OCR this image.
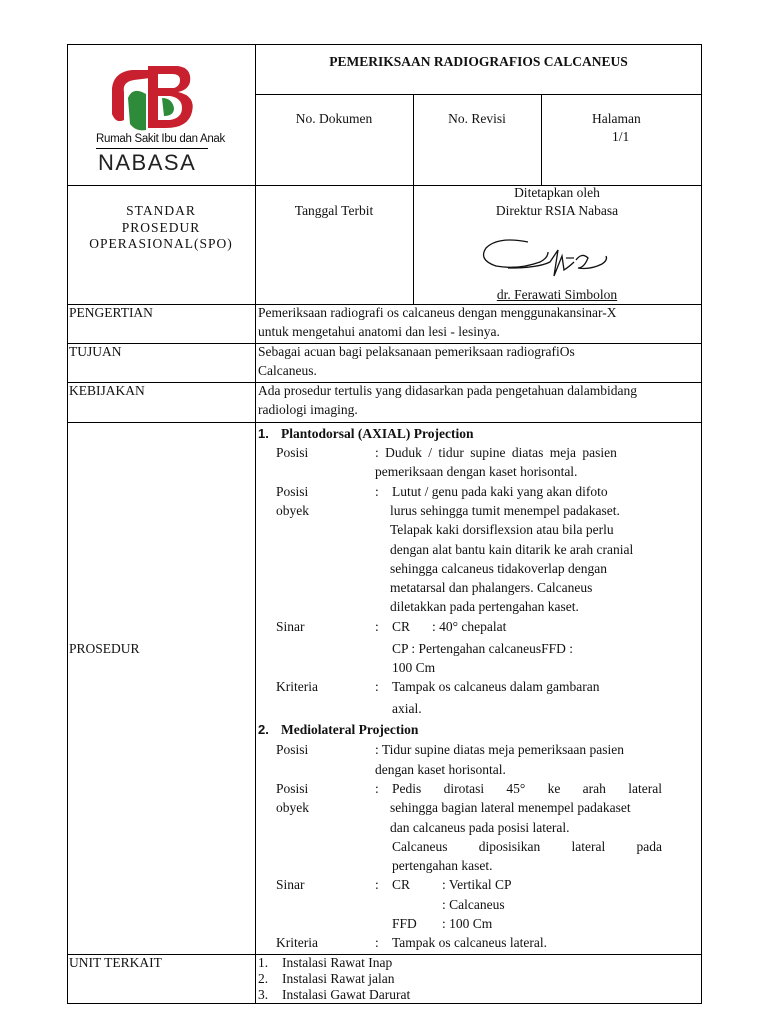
Rumah Sakit Ibu dan Anak
NABASA
PEMERIKSAAN RADIOGRAFIOS CALCANEUS
No. Dokumen	No. Revisi	Halaman
1/1
STANDAR
PROSEDUR
OPERASIONAL(SPO)
Tanggal Terbit
Ditetapkan oleh
Direktur RSIA Nabasa
dr. Ferawati Simbolon
PENGERTIAN	Pemeriksaan radiografi os calcaneus dengan menggunakansinar-X
untuk mengetahui anatomi dan lesi - lesinya.
TUJUAN	Sebagai acuan bagi pelaksanaan pemeriksaan radiografiOs
Calcaneus.
KEBIJAKAN	Ada prosedur tertulis yang didasarkan pada pengetahuan dalambidang
radiologi imaging.
PROSEDUR
1. Plantodorsal (AXIAL) Projection
Posisi	: Duduk / tidur supine diatas meja pasien
pemeriksaan dengan kaset horisontal.
Posisi
obyek
: Lutut / genu pada kaki yang akan difoto
lurus sehingga tumit menempel padakaset.
Telapak kaki dorsiflexsion atau bila perlu
dengan alat bantu kain ditarik ke arah cranial
sehingga calcaneus tidakoverlap dengan
metatarsal dan phalangers. Calcaneus
diletakkan pada pertengahan kaset.
Sinar	: CR : 40° chepalat
CP : Pertengahan calcaneusFFD :
100 Cm
Kriteria	: Tampak os calcaneus dalam gambaran
axial.
2. Mediolateral Projection
Posisi	: Tidur supine diatas meja pemeriksaan pasien
dengan kaset horisontal.
Posisi
obyek
: Pedis dirotasi 45° ke arah lateral
sehingga bagian lateral menempel padakaset
dan calcaneus pada posisi lateral.
Calcaneus diposisikan lateral pada
pertengahan kaset.
Sinar	: CR : Vertikal CP
: Calcaneus
FFD : 100 Cm
Kriteria	: Tampak os calcaneus lateral.
UNIT TERKAIT	1. Instalasi Rawat Inap
2. Instalasi Rawat jalan
3. Instalasi Gawat Darurat
